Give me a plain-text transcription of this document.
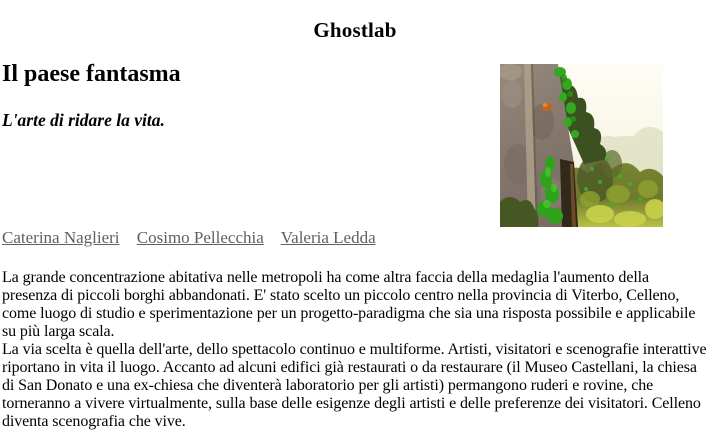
Ghostlab
Il paese fantasma

L'arte di ridare la vita.

Caterina Naglieri Cosimo Pellecchia Valeria Ledda

La grande concentrazione abitativa nelle metropoli ha come altra faccia della medaglia l'aumento della presenza di piccoli borghi abbandonati. E' stato scelto un piccolo centro nella provincia di Viterbo, Celleno, come luogo di studio e sperimentazione per un progetto-paradigma che sia una risposta possibile e applicabile su più larga scala.

La via scelta è quella dell'arte, dello spettacolo continuo e multiforme. Artisti, visitatori e scenografie interattive riportano in vita il luogo. Accanto ad alcuni edifici già restaurati o da restaurare (il Museo Castellani, la chiesa di San Donato e una ex-chiesa che diventerà laboratorio per gli artisti) permangono ruderi e rovine, che torneranno a vivere virtualmente, sulla base delle esigenze degli artisti e delle preferenze dei visitatori. Celleno diventa scenografia che vive.
